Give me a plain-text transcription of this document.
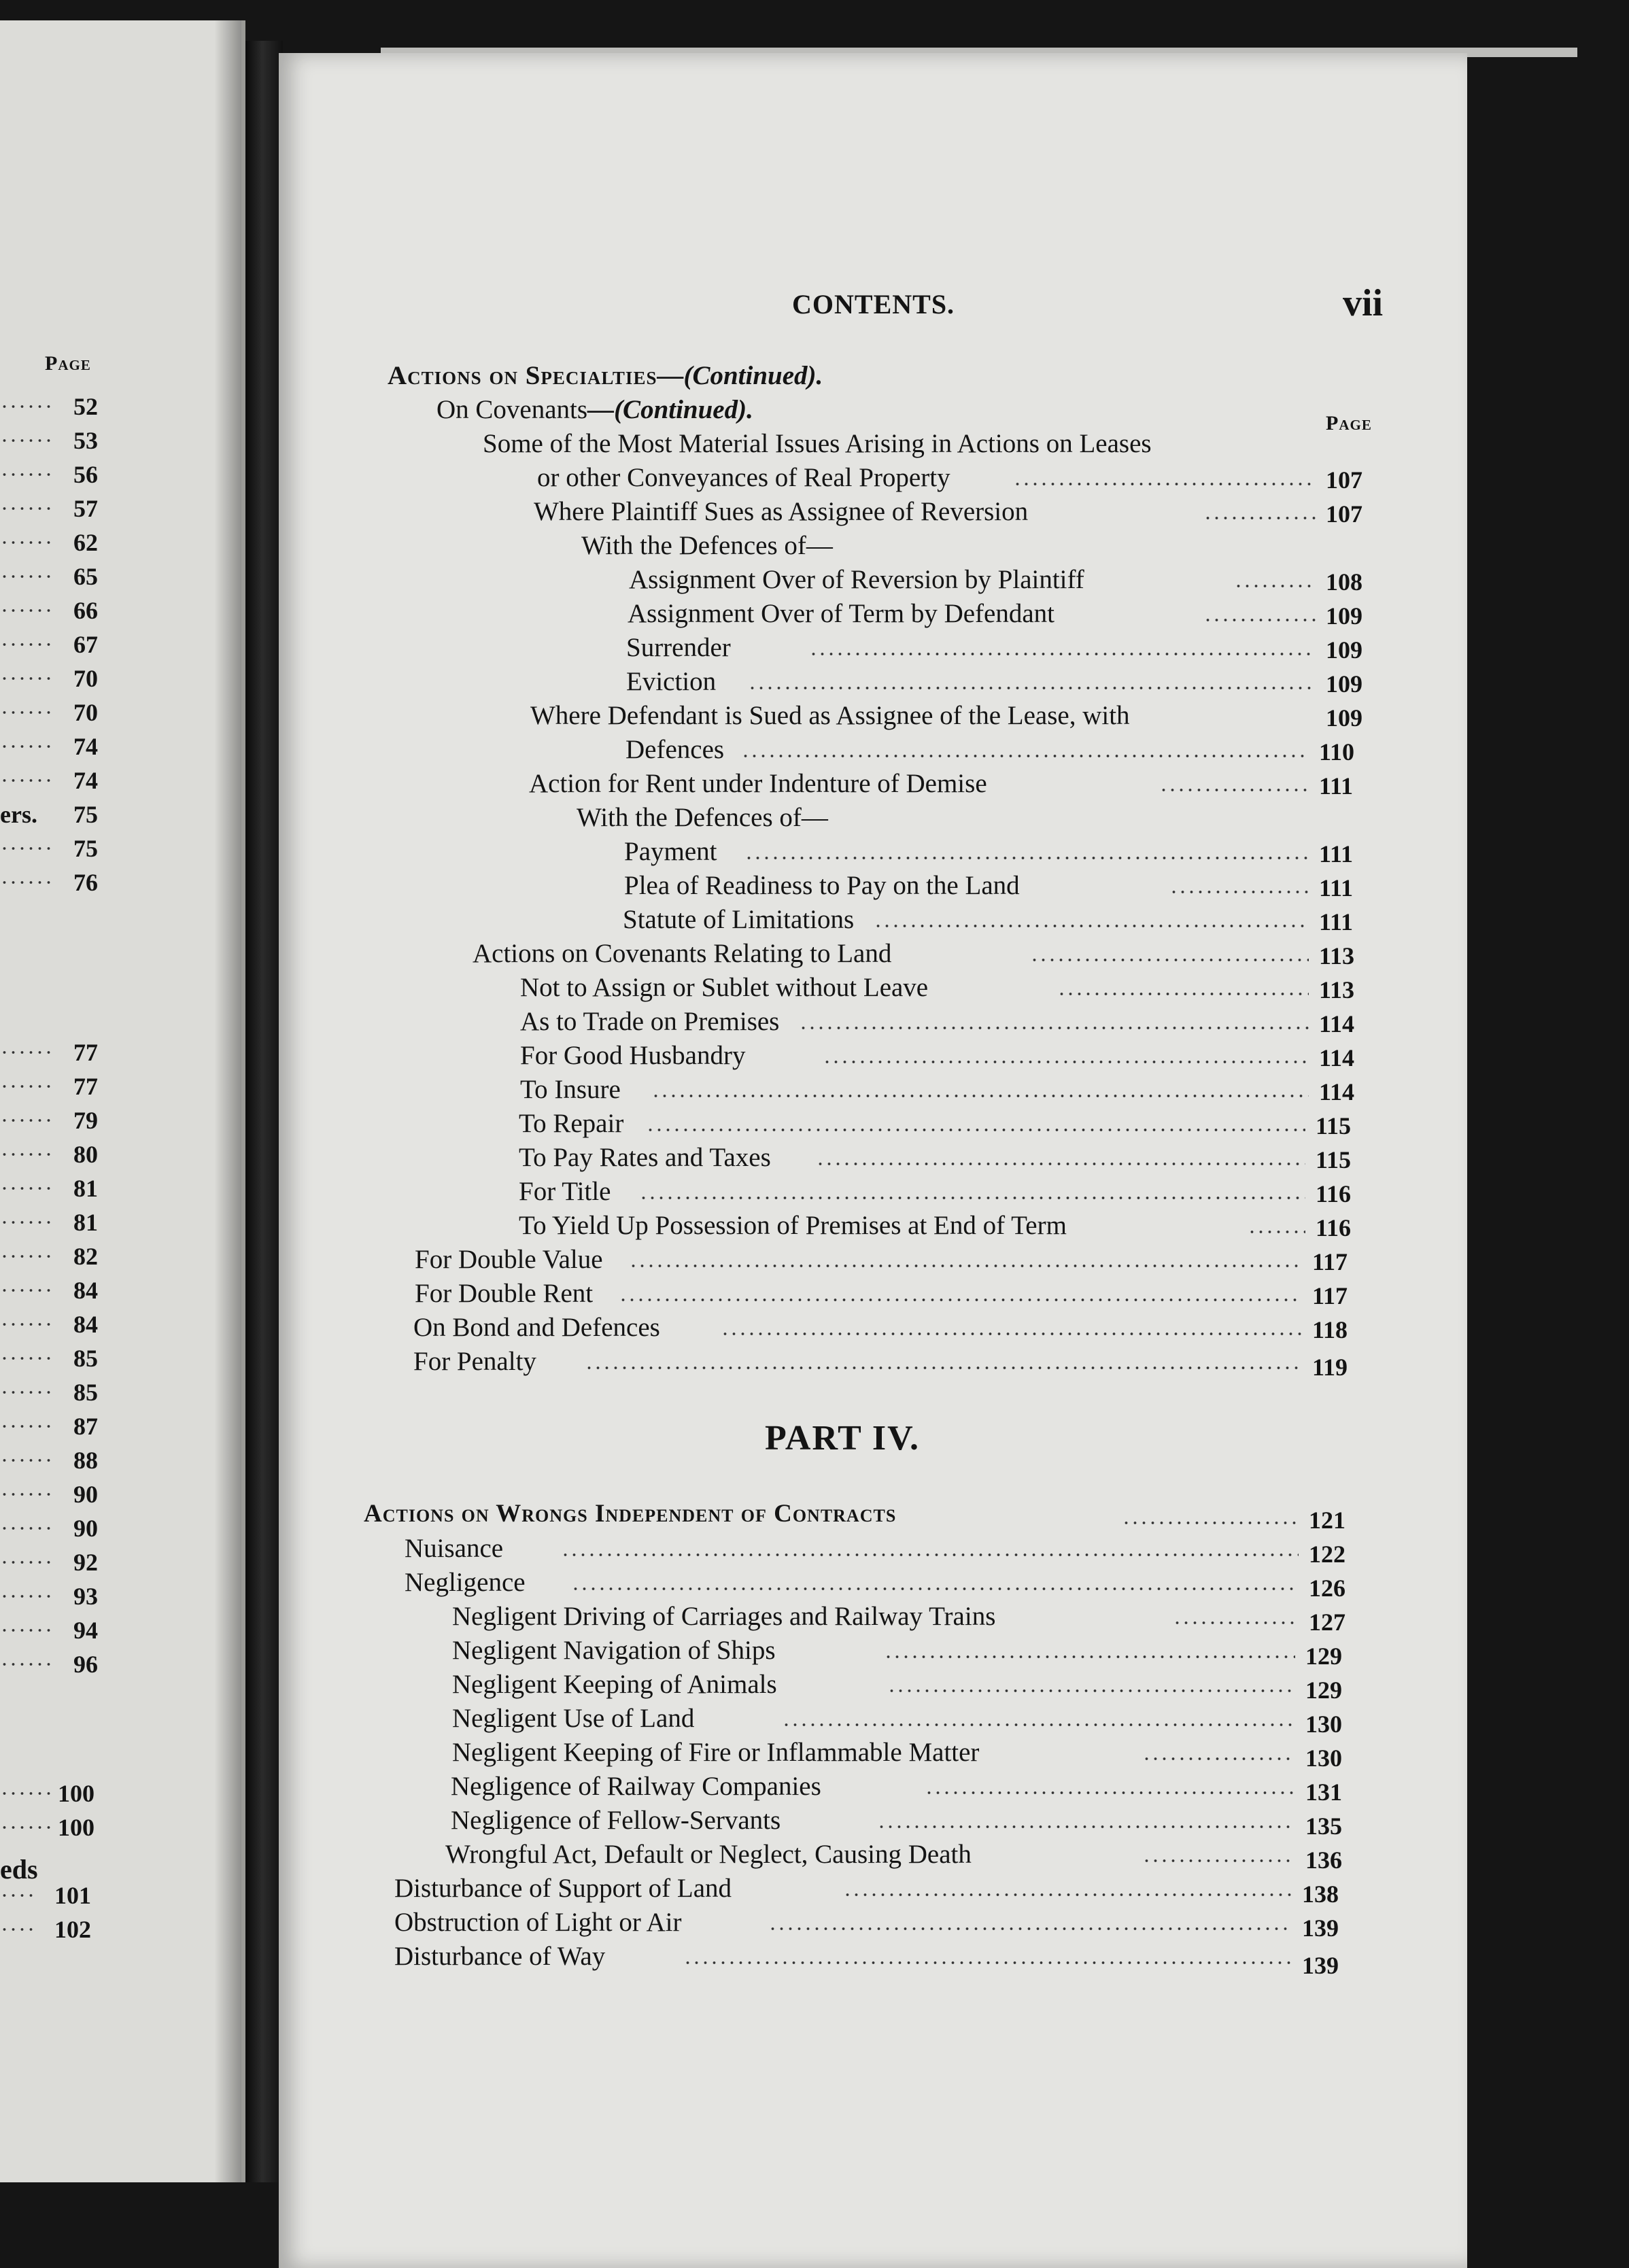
Page
52
53
56
57
62
65
66
67
70
70
74
74
ers. 75
75
76
77
77
79
80
81
81
82
84
84
85
85
87
88
90
90
92
93
94
96
100
100
eds
101
102
CONTENTS.	vii
Actions on Specialties—(Continued).
On Covenants—(Continued).	Page
Some of the Most Material Issues Arising in Actions on Leases
or other Conveyances of Real Property	107
Where Plaintiff Sues as Assignee of Reversion	107
With the Defences of—
Assignment Over of Reversion by Plaintiff	108
Assignment Over of Term by Defendant	109
Surrender	109
Eviction	109
Where Defendant is Sued as Assignee of the Lease, with	109
Defences	110
Action for Rent under Indenture of Demise	111
With the Defences of—
Payment	111
Plea of Readiness to Pay on the Land	111
Statute of Limitations	111
Actions on Covenants Relating to Land	113
Not to Assign or Sublet without Leave	113
As to Trade on Premises	114
For Good Husbandry	114
To Insure	114
To Repair	115
To Pay Rates and Taxes	115
For Title	116
To Yield Up Possession of Premises at End of Term	116
For Double Value	117
For Double Rent	117
On Bond and Defences	118
For Penalty	119
PART IV.
Actions on Wrongs Independent of Contracts	121
Nuisance	122
Negligence	126
Negligent Driving of Carriages and Railway Trains	127
Negligent Navigation of Ships	129
Negligent Keeping of Animals	129
Negligent Use of Land	130
Negligent Keeping of Fire or Inflammable Matter	130
Negligence of Railway Companies	131
Negligence of Fellow-Servants	135
Wrongful Act, Default or Neglect, Causing Death	136
Disturbance of Support of Land	138
Obstruction of Light or Air	139
Disturbance of Way	139
